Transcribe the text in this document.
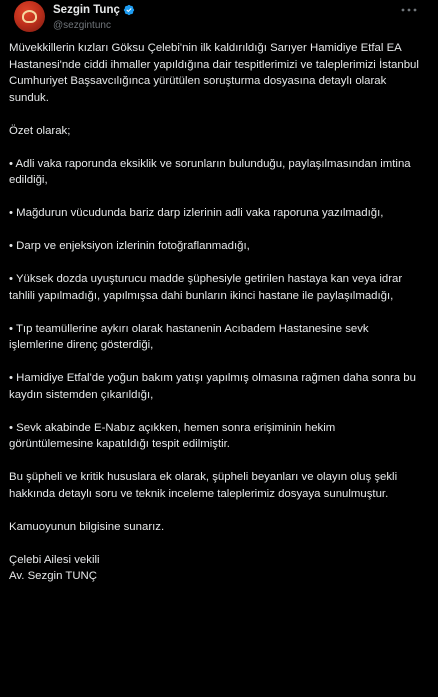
Sezgin Tunç
@sezgintunc

Müvekkillerin kızları Göksu Çelebi'nin ilk kaldırıldığı Sarıyer Hamidiye Etfal EA Hastanesi'nde ciddi ihmaller yapıldığına dair tespitlerimizi ve taleplerimizi İstanbul Cumhuriyet Başsavcılığınca yürütülen soruşturma dosyasına detaylı olarak sunduk.

Özet olarak;

• Adli vaka raporunda eksiklik ve sorunların bulunduğu, paylaşılmasından imtina edildiği,

• Mağdurun vücudunda bariz darp izlerinin adli vaka raporuna yazılmadığı,

• Darp ve enjeksiyon izlerinin fotoğraflanmadığı,

• Yüksek dozda uyuşturucu madde şüphesiyle getirilen hastaya kan veya idrar tahlili yapılmadığı, yapılmışsa dahi bunların ikinci hastane ile paylaşılmadığı,

• Tıp teamüllerine aykırı olarak hastanenin Acıbadem Hastanesine sevk işlemlerine direnç gösterdiği,

• Hamidiye Etfal'de yoğun bakım yatışı yapılmış olmasına rağmen daha sonra bu kaydın sistemden çıkarıldığı,

• Sevk akabinde E-Nabız açıkken, hemen sonra erişiminin hekim görüntülemesine kapatıldığı tespit edilmiştir.

Bu şüpheli ve kritik hususlara ek olarak, şüpheli beyanları ve olayın oluş şekli hakkında detaylı soru ve teknik inceleme taleplerimiz dosyaya sunulmuştur.

Kamuoyunun bilgisine sunarız.

Çelebi Ailesi vekili

Av. Sezgin TUNÇ
